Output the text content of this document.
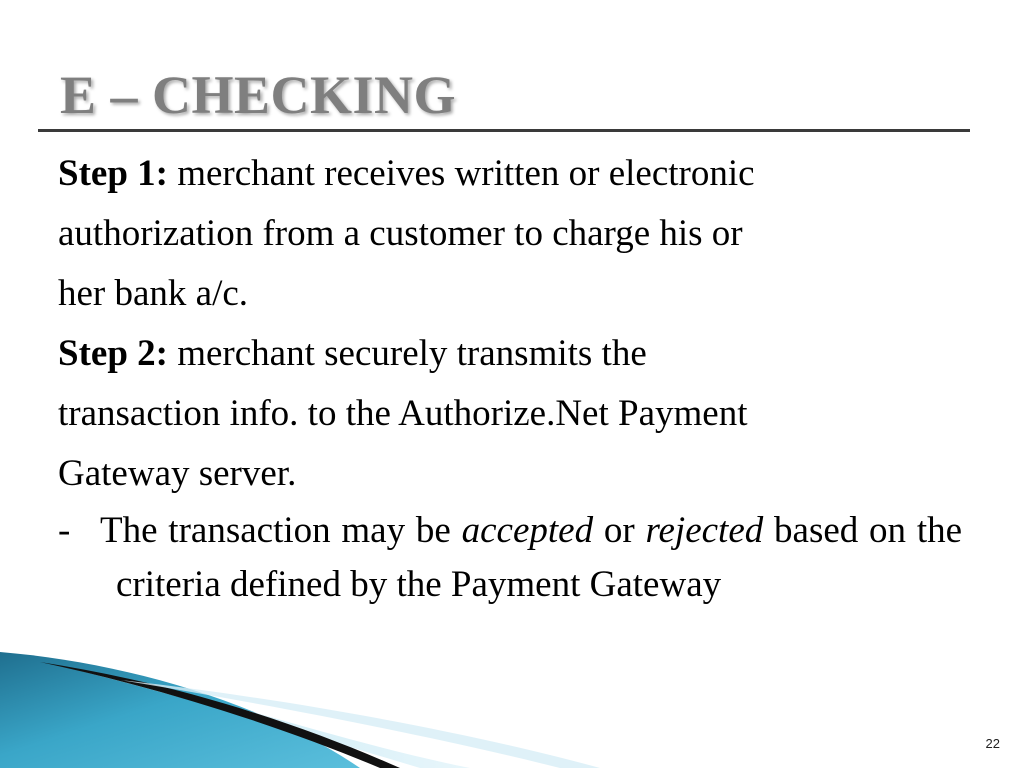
E – CHECKING

Step 1: merchant receives written or electronic

authorization from a customer to charge his or

her bank a/c.

Step 2: merchant securely transmits the

transaction info. to the Authorize.Net Payment

Gateway server.

- The transaction may be accepted or rejected based on the criteria defined by the Payment Gateway

22
